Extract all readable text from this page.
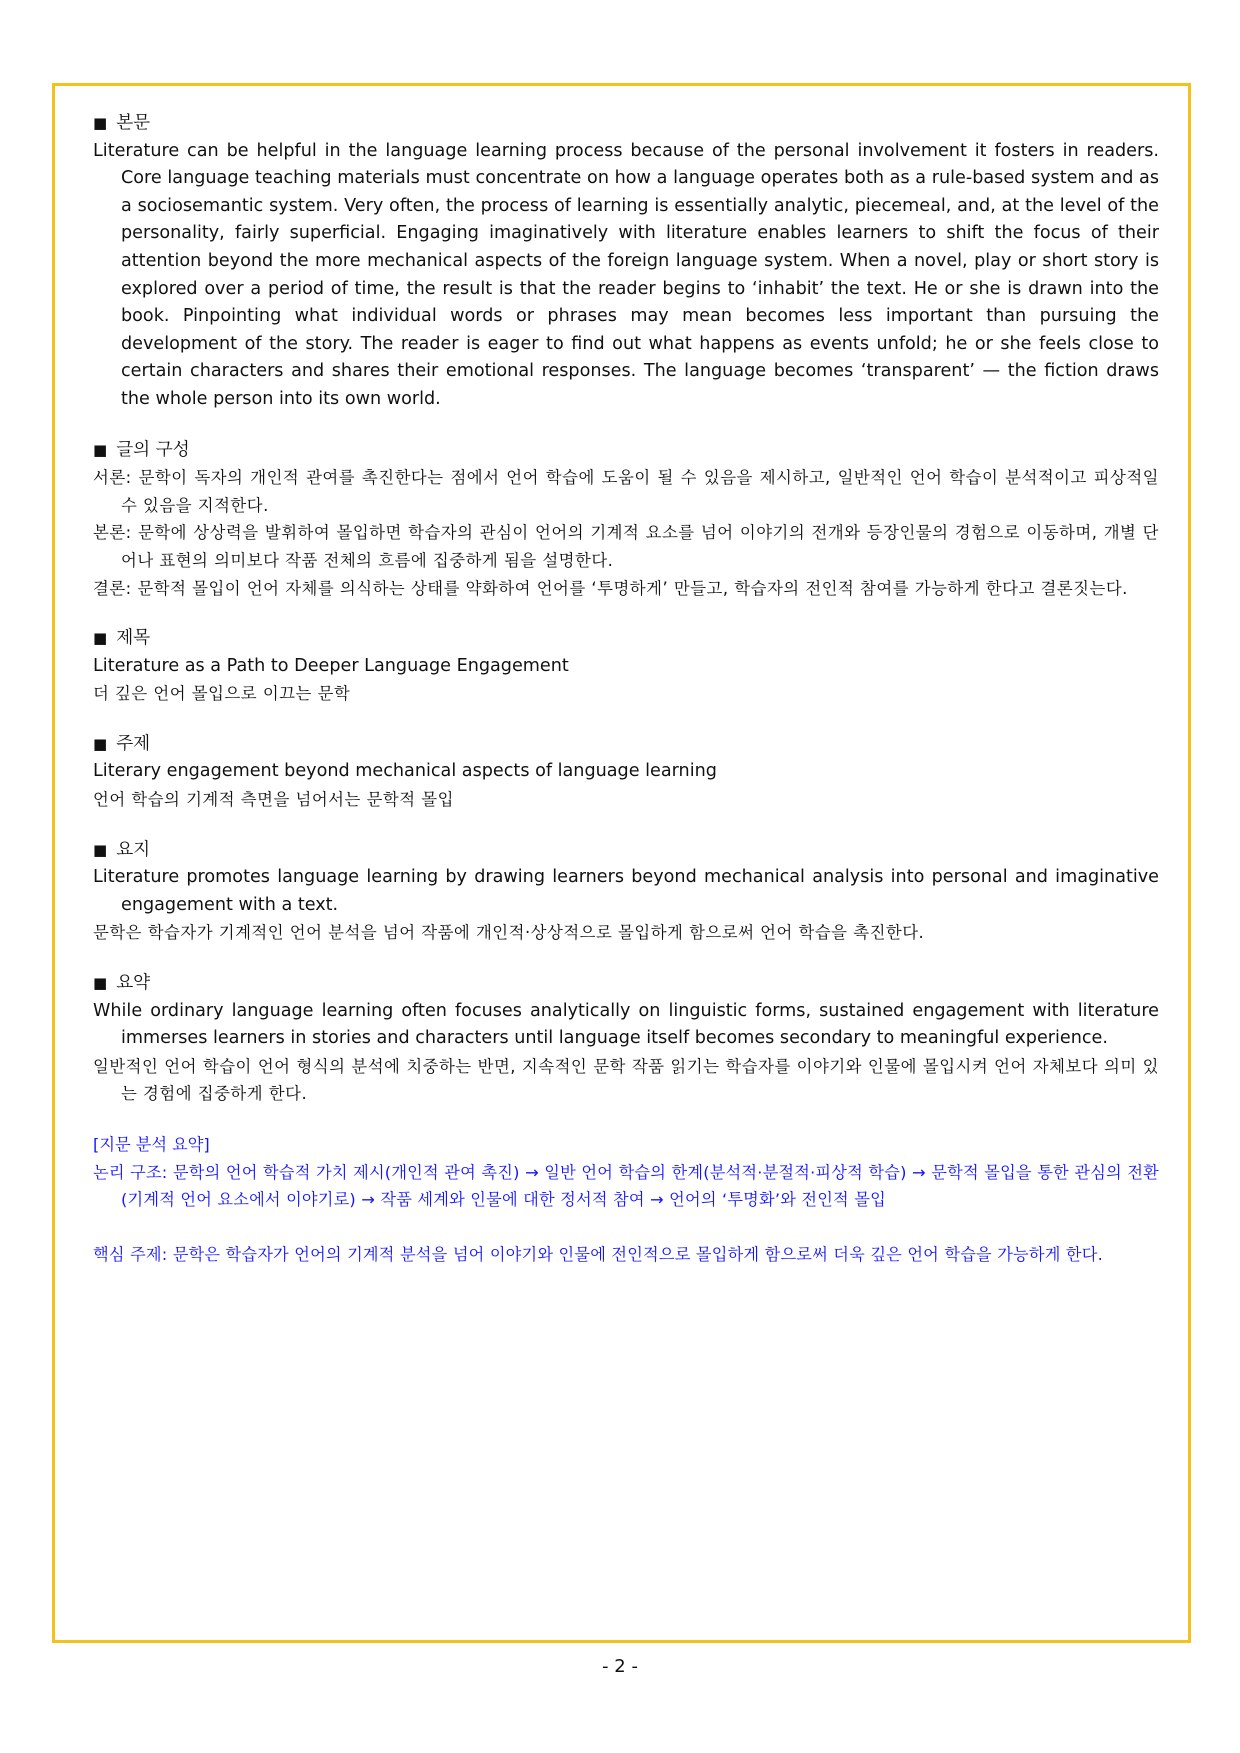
■ 본문

Literature can be helpful in the language learning process because of the personal involvement it fosters in readers. Core language teaching materials must concentrate on how a language operates both as a rule-based system and as a sociosemantic system. Very often, the process of learning is essentially analytic, piecemeal, and, at the level of the personality, fairly superficial. Engaging imaginatively with literature enables learners to shift the focus of their attention beyond the more mechanical aspects of the foreign language system. When a novel, play or short story is explored over a period of time, the result is that the reader begins to ‘inhabit’ the text. He or she is drawn into the book. Pinpointing what individual words or phrases may mean becomes less important than pursuing the development of the story. The reader is eager to find out what happens as events unfold; he or she feels close to certain characters and shares their emotional responses. The language becomes ‘transparent’ — the fiction draws the whole person into its own world.

■ 글의 구성

서론: 문학이 독자의 개인적 관여를 촉진한다는 점에서 언어 학습에 도움이 될 수 있음을 제시하고, 일반적인 언어 학습이 분석적이고 피상적일 수 있음을 지적한다.

본론: 문학에 상상력을 발휘하여 몰입하면 학습자의 관심이 언어의 기계적 요소를 넘어 이야기의 전개와 등장인물의 경험으로 이동하며, 개별 단어나 표현의 의미보다 작품 전체의 흐름에 집중하게 됨을 설명한다.

결론: 문학적 몰입이 언어 자체를 의식하는 상태를 약화하여 언어를 ‘투명하게’ 만들고, 학습자의 전인적 참여를 가능하게 한다고 결론짓는다.

■ 제목

Literature as a Path to Deeper Language Engagement

더 깊은 언어 몰입으로 이끄는 문학

■ 주제

Literary engagement beyond mechanical aspects of language learning

언어 학습의 기계적 측면을 넘어서는 문학적 몰입

■ 요지

Literature promotes language learning by drawing learners beyond mechanical analysis into personal and imaginative engagement with a text.

문학은 학습자가 기계적인 언어 분석을 넘어 작품에 개인적·상상적으로 몰입하게 함으로써 언어 학습을 촉진한다.

■ 요약

While ordinary language learning often focuses analytically on linguistic forms, sustained engagement with literature immerses learners in stories and characters until language itself becomes secondary to meaningful experience.

일반적인 언어 학습이 언어 형식의 분석에 치중하는 반면, 지속적인 문학 작품 읽기는 학습자를 이야기와 인물에 몰입시켜 언어 자체보다 의미 있는 경험에 집중하게 한다.

[지문 분석 요약]

논리 구조: 문학의 언어 학습적 가치 제시(개인적 관여 촉진) → 일반 언어 학습의 한계(분석적·분절적·피상적 학습) → 문학적 몰입을 통한 관심의 전환(기계적 언어 요소에서 이야기로) → 작품 세계와 인물에 대한 정서적 참여 → 언어의 ‘투명화’와 전인적 몰입

핵심 주제: 문학은 학습자가 언어의 기계적 분석을 넘어 이야기와 인물에 전인적으로 몰입하게 함으로써 더욱 깊은 언어 학습을 가능하게 한다.

- 2 -
